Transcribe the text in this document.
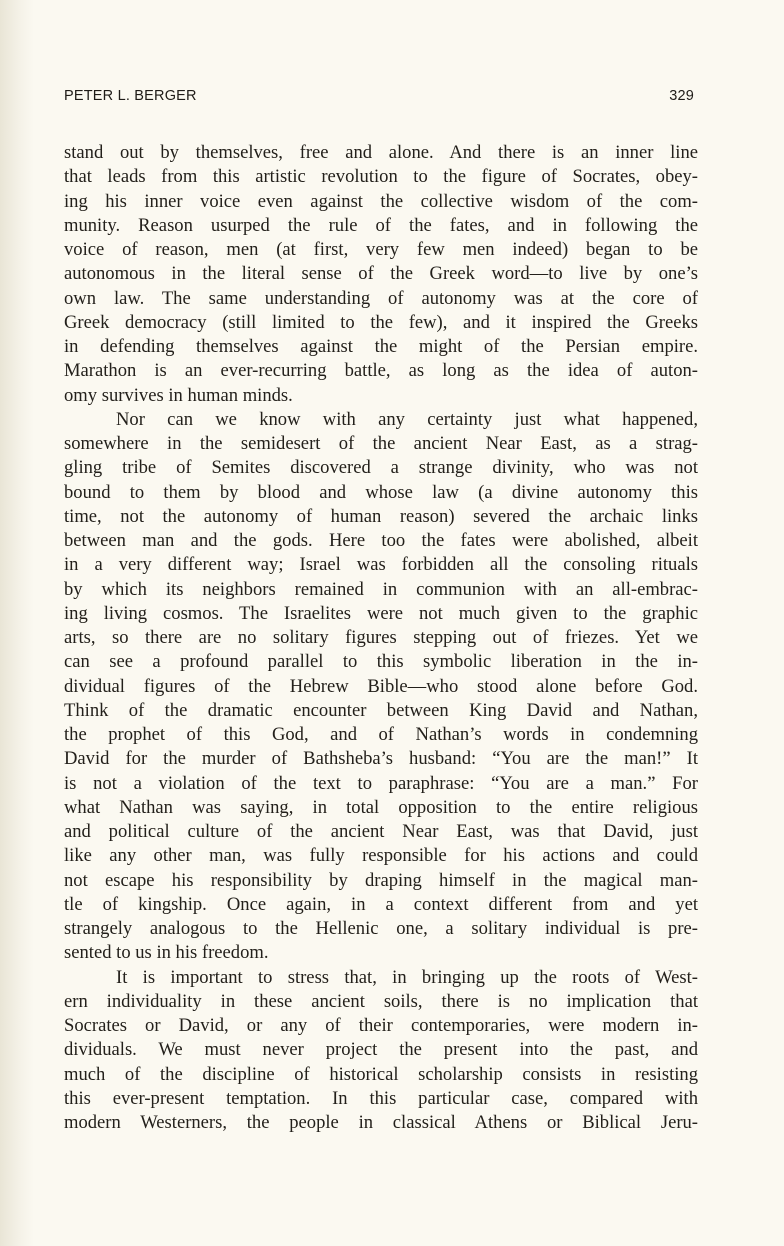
PETER L. BERGER	329
stand out by themselves, free and alone. And there is an inner line
that leads from this artistic revolution to the figure of Socrates, obey-
ing his inner voice even against the collective wisdom of the com-
munity. Reason usurped the rule of the fates, and in following the
voice of reason, men (at first, very few men indeed) began to be
autonomous in the literal sense of the Greek word—to live by one’s
own law. The same understanding of autonomy was at the core of
Greek democracy (still limited to the few), and it inspired the Greeks
in defending themselves against the might of the Persian empire.
Marathon is an ever-recurring battle, as long as the idea of auton-
omy survives in human minds.
Nor can we know with any certainty just what happened,
somewhere in the semidesert of the ancient Near East, as a strag-
gling tribe of Semites discovered a strange divinity, who was not
bound to them by blood and whose law (a divine autonomy this
time, not the autonomy of human reason) severed the archaic links
between man and the gods. Here too the fates were abolished, albeit
in a very different way; Israel was forbidden all the consoling rituals
by which its neighbors remained in communion with an all-embrac-
ing living cosmos. The Israelites were not much given to the graphic
arts, so there are no solitary figures stepping out of friezes. Yet we
can see a profound parallel to this symbolic liberation in the in-
dividual figures of the Hebrew Bible—who stood alone before God.
Think of the dramatic encounter between King David and Nathan,
the prophet of this God, and of Nathan’s words in condemning
David for the murder of Bathsheba’s husband: “You are the man!” It
is not a violation of the text to paraphrase: “You are a man.” For
what Nathan was saying, in total opposition to the entire religious
and political culture of the ancient Near East, was that David, just
like any other man, was fully responsible for his actions and could
not escape his responsibility by draping himself in the magical man-
tle of kingship. Once again, in a context different from and yet
strangely analogous to the Hellenic one, a solitary individual is pre-
sented to us in his freedom.
It is important to stress that, in bringing up the roots of West-
ern individuality in these ancient soils, there is no implication that
Socrates or David, or any of their contemporaries, were modern in-
dividuals. We must never project the present into the past, and
much of the discipline of historical scholarship consists in resisting
this ever-present temptation. In this particular case, compared with
modern Westerners, the people in classical Athens or Biblical Jeru-
